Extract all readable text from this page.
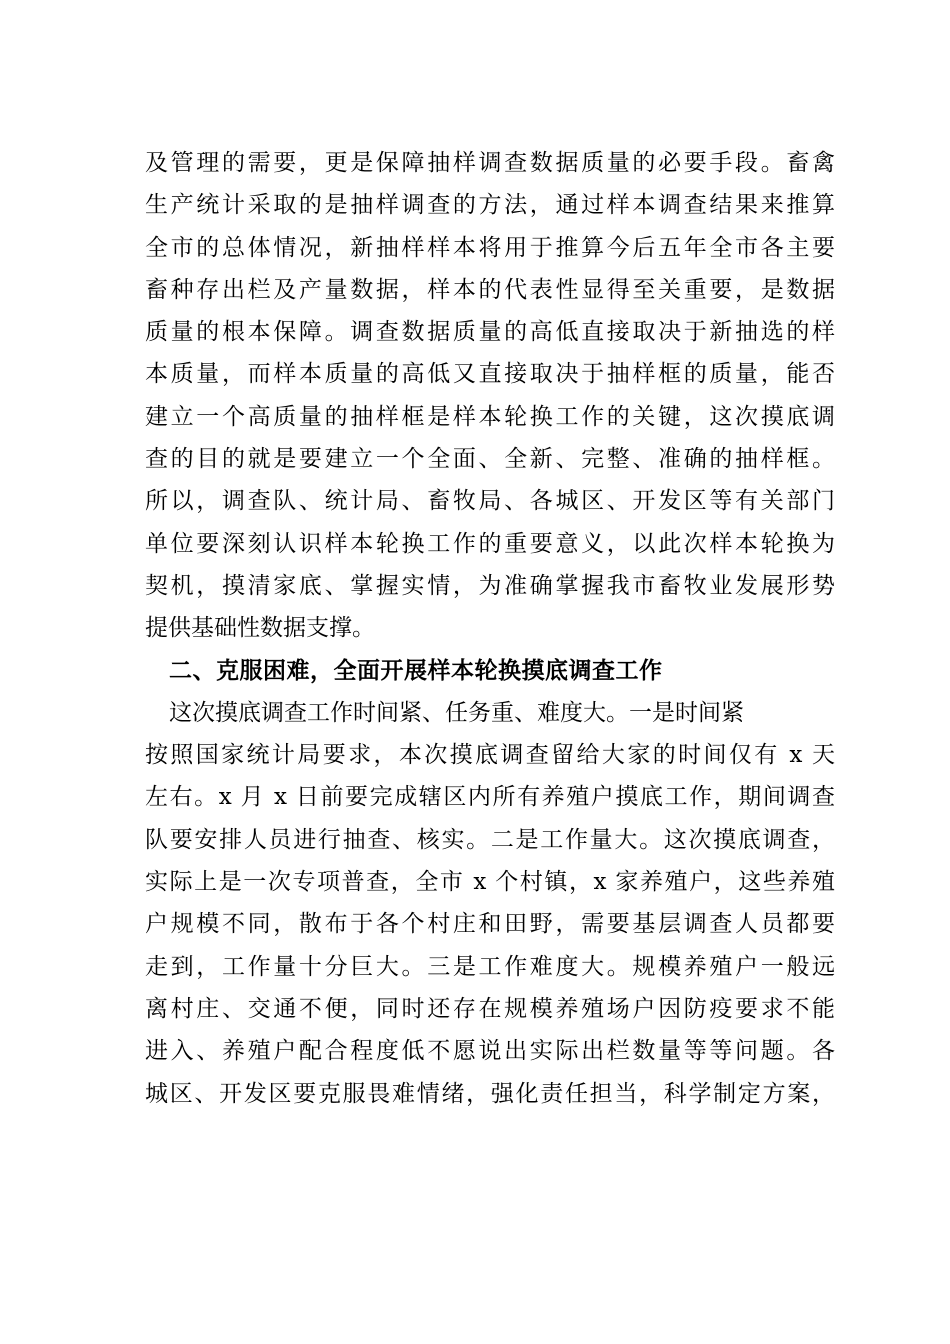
及管理的需要，更是保障抽样调查数据质量的必要手段。畜禽
生产统计采取的是抽样调查的方法，通过样本调查结果来推算
全市的总体情况，新抽样样本将用于推算今后五年全市各主要
畜种存出栏及产量数据，样本的代表性显得至关重要，是数据
质量的根本保障。调查数据质量的高低直接取决于新抽选的样
本质量，而样本质量的高低又直接取决于抽样框的质量，能否
建立一个高质量的抽样框是样本轮换工作的关键，这次摸底调
查的目的就是要建立一个全面、全新、完整、准确的抽样框。
所以，调查队、统计局、畜牧局、各城区、开发区等有关部门
单位要深刻认识样本轮换工作的重要意义，以此次样本轮换为
契机，摸清家底、掌握实情，为准确掌握我市畜牧业发展形势
提供基础性数据支撑。
二、克服困难，全面开展样本轮换摸底调查工作
这次摸底调查工作时间紧、任务重、难度大。一是时间紧
按照国家统计局要求，本次摸底调查留给大家的时间仅有 x 天
左右。x 月 x 日前要完成辖区内所有养殖户摸底工作，期间调查
队要安排人员进行抽查、核实。二是工作量大。这次摸底调查，
实际上是一次专项普查，全市 x 个村镇，x 家养殖户，这些养殖
户规模不同，散布于各个村庄和田野，需要基层调查人员都要
走到，工作量十分巨大。三是工作难度大。规模养殖户一般远
离村庄、交通不便，同时还存在规模养殖场户因防疫要求不能
进入、养殖户配合程度低不愿说出实际出栏数量等等问题。各
城区、开发区要克服畏难情绪，强化责任担当，科学制定方案，
